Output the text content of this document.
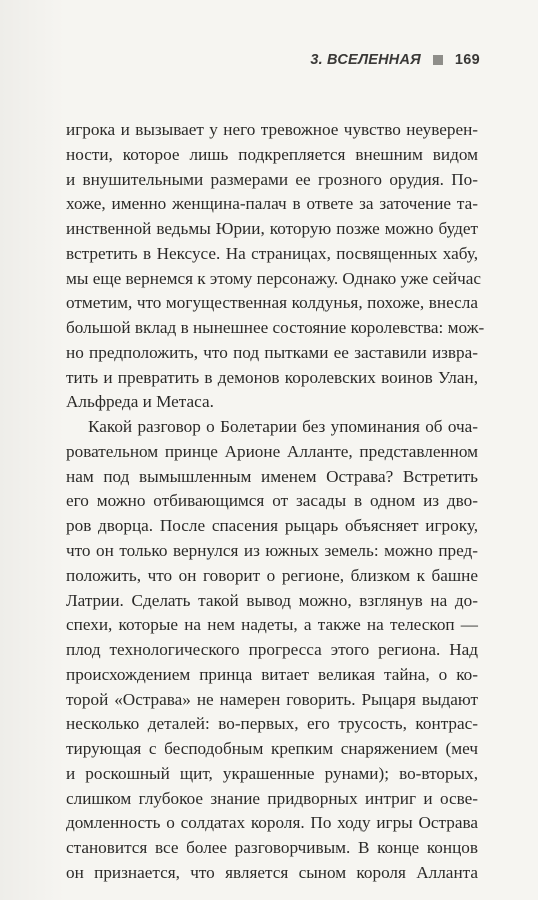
3. ВСЕЛЕННАЯ 169
игрока и вызывает у него тревожное чувство неуверен-
ности, которое лишь подкрепляется внешним видом
и внушительными размерами ее грозного орудия. По-
хоже, именно женщина-палач в ответе за заточение та-
инственной ведьмы Юрии, которую позже можно будет
встретить в Нексусе. На страницах, посвященных хабу,
мы еще вернемся к этому персонажу. Однако уже сейчас
отметим, что могущественная колдунья, похоже, внесла
большой вклад в нынешнее состояние королевства: мож-
но предположить, что под пытками ее заставили извра-
тить и превратить в демонов королевских воинов Улан,
Альфреда и Метаса.
Какой разговор о Болетарии без упоминания об оча-
ровательном принце Арионе Алланте, представленном
нам под вымышленным именем Острава? Встретить
его можно отбивающимся от засады в одном из дво-
ров дворца. После спасения рыцарь объясняет игроку,
что он только вернулся из южных земель: можно пред-
положить, что он говорит о регионе, близком к башне
Латрии. Сделать такой вывод можно, взглянув на до-
спехи, которые на нем надеты, а также на телескоп —
плод технологического прогресса этого региона. Над
происхождением принца витает великая тайна, о ко-
торой «Острава» не намерен говорить. Рыцаря выдают
несколько деталей: во-первых, его трусость, контрас-
тирующая с бесподобным крепким снаряжением (меч
и роскошный щит, украшенные рунами); во-вторых,
слишком глубокое знание придворных интриг и осве-
домленность о солдатах короля. По ходу игры Острава
становится все более разговорчивым. В конце концов
он признается, что является сыном короля Алланта
